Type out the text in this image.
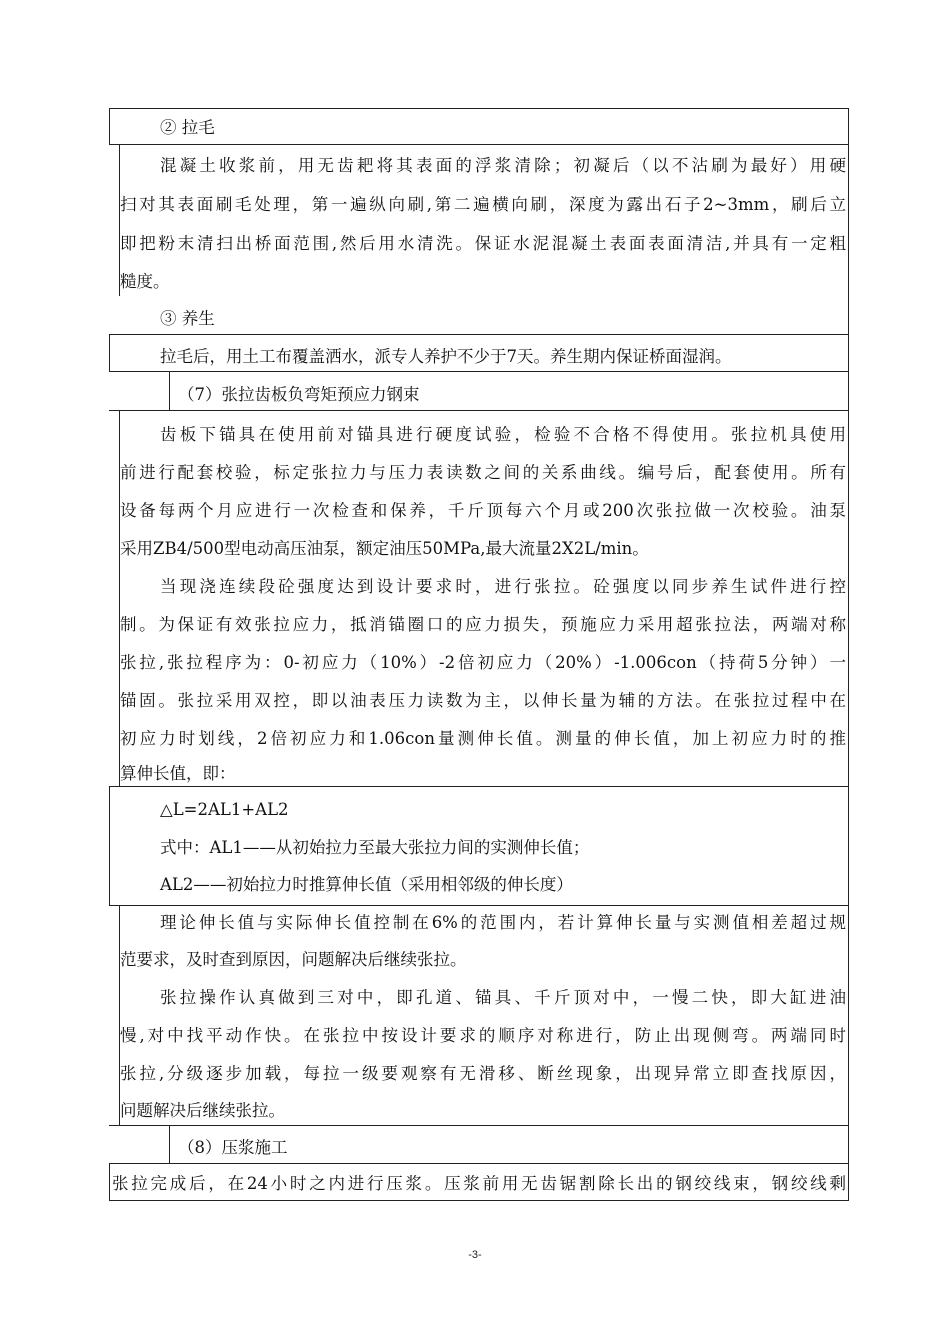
② 拉毛
混凝土收浆前，用无齿耙将其表面的浮浆清除；初凝后（以不沾刷为最好）用硬
扫对其表面刷毛处理，第一遍纵向刷,第二遍横向刷，深度为露出石子2~3mm，刷后立
即把粉末清扫出桥面范围,然后用水清洗。保证水泥混凝土表面表面清洁,并具有一定粗
糙度。
③ 养生
拉毛后，用土工布覆盖洒水，派专人养护不少于7天。养生期内保证桥面湿润。
（7）张拉齿板负弯矩预应力钢束
齿板下锚具在使用前对锚具进行硬度试验，检验不合格不得使用。张拉机具使用
前进行配套校验，标定张拉力与压力表读数之间的关系曲线。编号后，配套使用。所有
设备每两个月应进行一次检查和保养，千斤顶每六个月或200次张拉做一次校验。油泵
采用ZB4/500型电动高压油泵，额定油压50MPa,最大流量2X2L/min。
当现浇连续段砼强度达到设计要求时，进行张拉。砼强度以同步养生试件进行控
制。为保证有效张拉应力，抵消锚圈口的应力损失，预施应力采用超张拉法，两端对称
张拉,张拉程序为：0-初应力（10%）-2倍初应力（20%）-1.006con（持荷5分钟）一
锚固。张拉采用双控，即以油表压力读数为主，以伸长量为辅的方法。在张拉过程中在
初应力时划线，2倍初应力和1.06con量测伸长值。测量的伸长值，加上初应力时的推
算伸长值，即：
△L=2AL1+AL2
式中：AL1——从初始拉力至最大张拉力间的实测伸长值；
AL2——初始拉力时推算伸长值（采用相邻级的伸长度）
理论伸长值与实际伸长值控制在6%的范围内，若计算伸长量与实测值相差超过规
范要求，及时查到原因，问题解决后继续张拉。
张拉操作认真做到三对中，即孔道、锚具、千斤顶对中，一慢二快，即大缸进油
慢,对中找平动作快。在张拉中按设计要求的顺序对称进行，防止出现侧弯。两端同时
张拉,分级逐步加载，每拉一级要观察有无滑移、断丝现象，出现异常立即查找原因，
问题解决后继续张拉。
（8）压浆施工
张拉完成后，在24小时之内进行压浆。压浆前用无齿锯割除长出的钢绞线束，钢绞线剩
-3-
